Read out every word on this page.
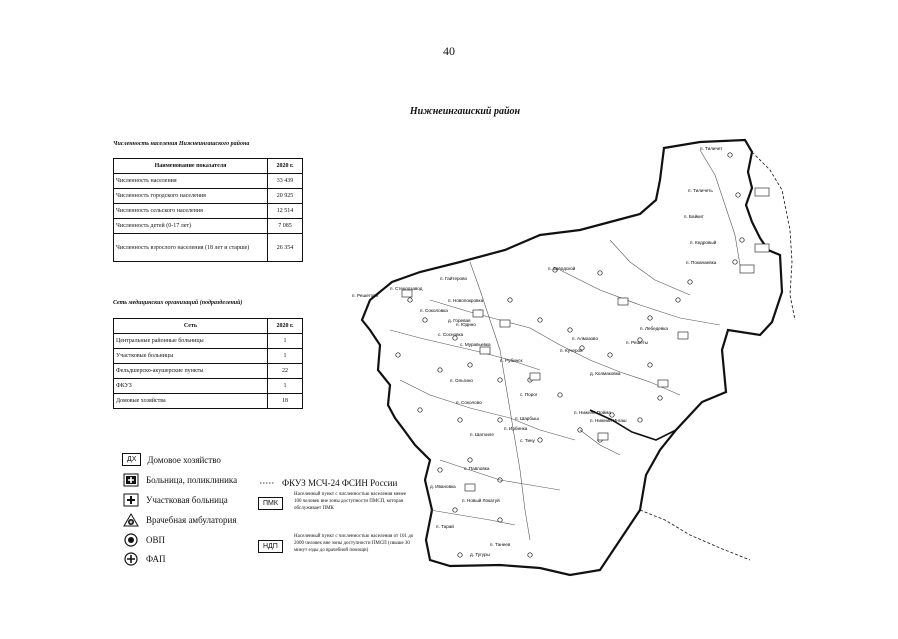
п. Тиличет
п. Тиличеть
п. Поканаевка
п. Кедровый
п. Байкит
п. Решетово
п. Стеклозавод
п. Соколовка
п. Гайтерово
п. Заводской
п. Юдино
п. Новопокровка
с. Сосновка
с. Муравьевка
п. Алмазово
п. Лебедевка
п. Решеты
п. Шарбыш
п. Ирбинка
с. Тину
п. Нижняя Пойма
п. Нижний Ингаш
п. Соколово
п. Ольгино
с. Порог
п. Кучеров
п. Шатхиле
с. Павловка
д. Ивановка
п. Новый Локатуй
п. Танеев
д. Тугуры
п. Тарай
д. Колмаковка
п. Рубинск
д. Горевая
40
Нижнеингашский район
Численность населения Нижнеингашского района
Наименование показателя	2020 г.
Численность населения	33 439
Численность городского населения	20 925
Численность сельского населения	12 514
Численность детей (0-17 лет)	7 085
Численность взрослого населения (18 лет и старше)	26 354
Сеть медицинских организаций (подразделений)
Сеть	2020 г.
Центральные районные больницы	1
Участковые больницы	1
Фельдшерско-акушерские пункты	22
ФКУЗ	1
Домовые хозяйства	18
ДХ	Домовое хозяйство
Больница, поликлиника
Участковая больница
Врачебная амбулатория
ОВП
ФАП
ФКУЗ МСЧ-24 ФСИН России
ПМК
Населенный пункт с численностью населения менее 100 человек вне зоны доступности ПМСП, которая обслуживает ПМК
НДП
Населенный пункт с численностью населения от 101 до 2000 человек вне зоны доступности ПМСП (свыше 30 минут езды до врачебной помощи)
